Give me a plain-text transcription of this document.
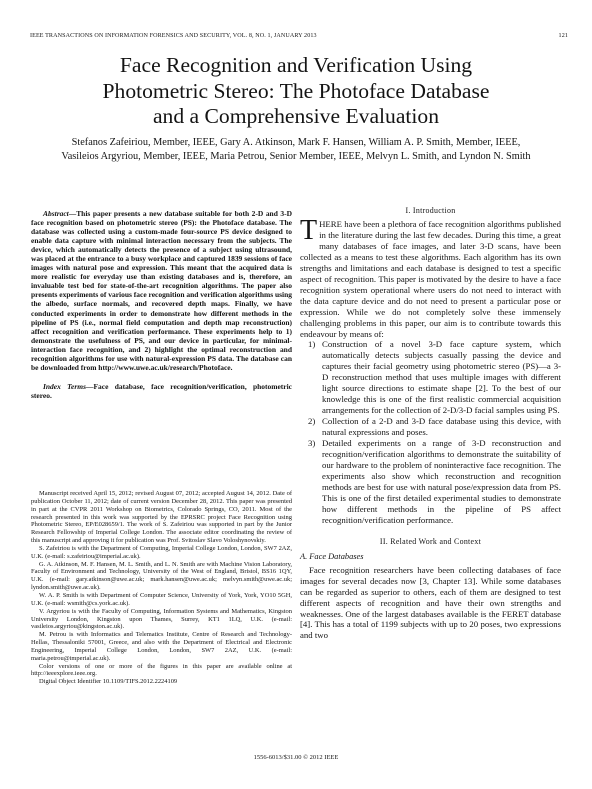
IEEE TRANSACTIONS ON INFORMATION FORENSICS AND SECURITY, VOL. 8, NO. 1, JANUARY 2013	121
Face Recognition and Verification Using
Photometric Stereo: The Photoface Database
and a Comprehensive Evaluation
Stefanos Zafeiriou, Member, IEEE, Gary A. Atkinson, Mark F. Hansen, William A. P. Smith, Member, IEEE,
Vasileios Argyriou, Member, IEEE, Maria Petrou, Senior Member, IEEE, Melvyn L. Smith, and Lyndon N. Smith

Abstract—This paper presents a new database suitable for both 2-D and 3-D face recognition based on photometric stereo (PS): the Photoface database. The database was collected using a custom-made four-source PS device designed to enable data capture with minimal interaction necessary from the subjects. The device, which automatically detects the presence of a subject using ultrasound, was placed at the entrance to a busy workplace and captured 1839 sessions of face images with natural pose and expression. This meant that the acquired data is more realistic for everyday use than existing databases and is, therefore, an invaluable test bed for state-of-the-art recognition algorithms. The paper also presents experiments of various face recognition and verification algorithms using the albedo, surface normals, and recovered depth maps. Finally, we have conducted experiments in order to demonstrate how different methods in the pipeline of PS (i.e., normal field computation and depth map reconstruction) affect recognition and verification performance. These experiments help to 1) demonstrate the usefulness of PS, and our device in particular, for minimal-interaction face recognition, and 2) highlight the optimal reconstruction and recognition algorithms for use with natural-expression PS data. The database can be downloaded from http://www.uwe.ac.uk/research/Photoface.

Index Terms—Face database, face recognition/verification, photometric stereo.

Manuscript received April 15, 2012; revised August 07, 2012; accepted August 14, 2012. Date of publication October 11, 2012; date of current version December 28, 2012. This paper was presented in part at the CVPR 2011 Workshop on Biometrics, Colorado Springs, CO, 2011. Most of the research presented in this work was supported by the EPRSRC project Face Recognition using Photometric Stereo, EP/E028659/1. The work of S. Zafeiriou was supported in part by the Junior Research Fellowship of Imperial College London. The associate editor coordinating the review of this manuscript and approving it for publication was Prof. Svitoslav Slavo Voloshynovskiy.

S. Zafeiriou is with the Department of Computing, Imperial College London, London, SW7 2AZ, U.K. (e-mail: s.zafeiriou@imperial.ac.uk).

G. A. Atkinson, M. F. Hansen, M. L. Smith, and L. N. Smith are with Machine Vision Laboratory, Faculty of Environment and Technology, University of the West of England, Bristol, BS16 1QY, U.K. (e-mail: gary.atkinson@uwe.ac.uk; mark.hansen@uwe.ac.uk; melvyn.smith@uwe.ac.uk; lyndon.smith@uwe.ac.uk).

W. A. P. Smith is with Department of Computer Science, University of York, York, YO10 5GH, U.K. (e-mail: wsmith@cs.york.ac.uk).

V. Argyriou is with the Faculty of Computing, Information Systems and Mathematics, Kingston University London, Kingston upon Thames, Surrey, KT1 1LQ, U.K. (e-mail: vasileios.argyriou@kingston.ac.uk).

M. Petrou is with Informatics and Telematics Institute, Centre of Research and Technology-Hellas, Thessaloniki 57001, Greece, and also with the Department of Electrical and Electronic Engineering, Imperial College London, London, SW7 2AZ, U.K. (e-mail: maria.petrou@imperial.ac.uk).

Color versions of one or more of the figures in this paper are available online at http://ieeexplore.ieee.org.

Digital Object Identifier 10.1109/TIFS.2012.2224109

I. Introduction

THERE have been a plethora of face recognition algorithms published in the literature during the last few decades. During this time, a great many databases of face images, and later 3-D scans, have been collected as a means to test these algorithms. Each algorithm has its own strengths and limitations and each database is designed to test a specific aspect of recognition. This paper is motivated by the desire to have a face recognition system operational where users do not need to interact with the data capture device and do not need to present a particular pose or expression. While we do not completely solve these immensely challenging problems in this paper, our aim is to contribute towards this endeavour by means of:

1) Construction of a novel 3-D face capture system, which automatically detects subjects casually passing the device and captures their facial geometry using photometric stereo (PS)—a 3-D reconstruction method that uses multiple images with different light source directions to estimate shape [2]. To the best of our knowledge this is one of the first realistic commercial acquisition arrangements for the collection of 2-D/3-D facial samples using PS.
2) Collection of a 2-D and 3-D face database using this device, with natural expressions and poses.
3) Detailed experiments on a range of 3-D reconstruction and recognition/verification algorithms to demonstrate the suitability of our hardware to the problem of noninteractive face recognition. The experiments also show which reconstruction and recognition methods are best for use with natural pose/expression data from PS. This is one of the first detailed experimental studies to demonstrate how different methods in the pipeline of PS affect recognition/verification performance.
II. Related Work and Context
A. Face Databases

Face recognition researchers have been collecting databases of face images for several decades now [3, Chapter 13]. While some databases can be regarded as superior to others, each of them are designed to test different aspects of recognition and have their own strengths and weaknesses. One of the largest databases available is the FERET database [4]. This has a total of 1199 subjects with up to 20 poses, two expressions and two

1556-6013/$31.00 © 2012 IEEE
